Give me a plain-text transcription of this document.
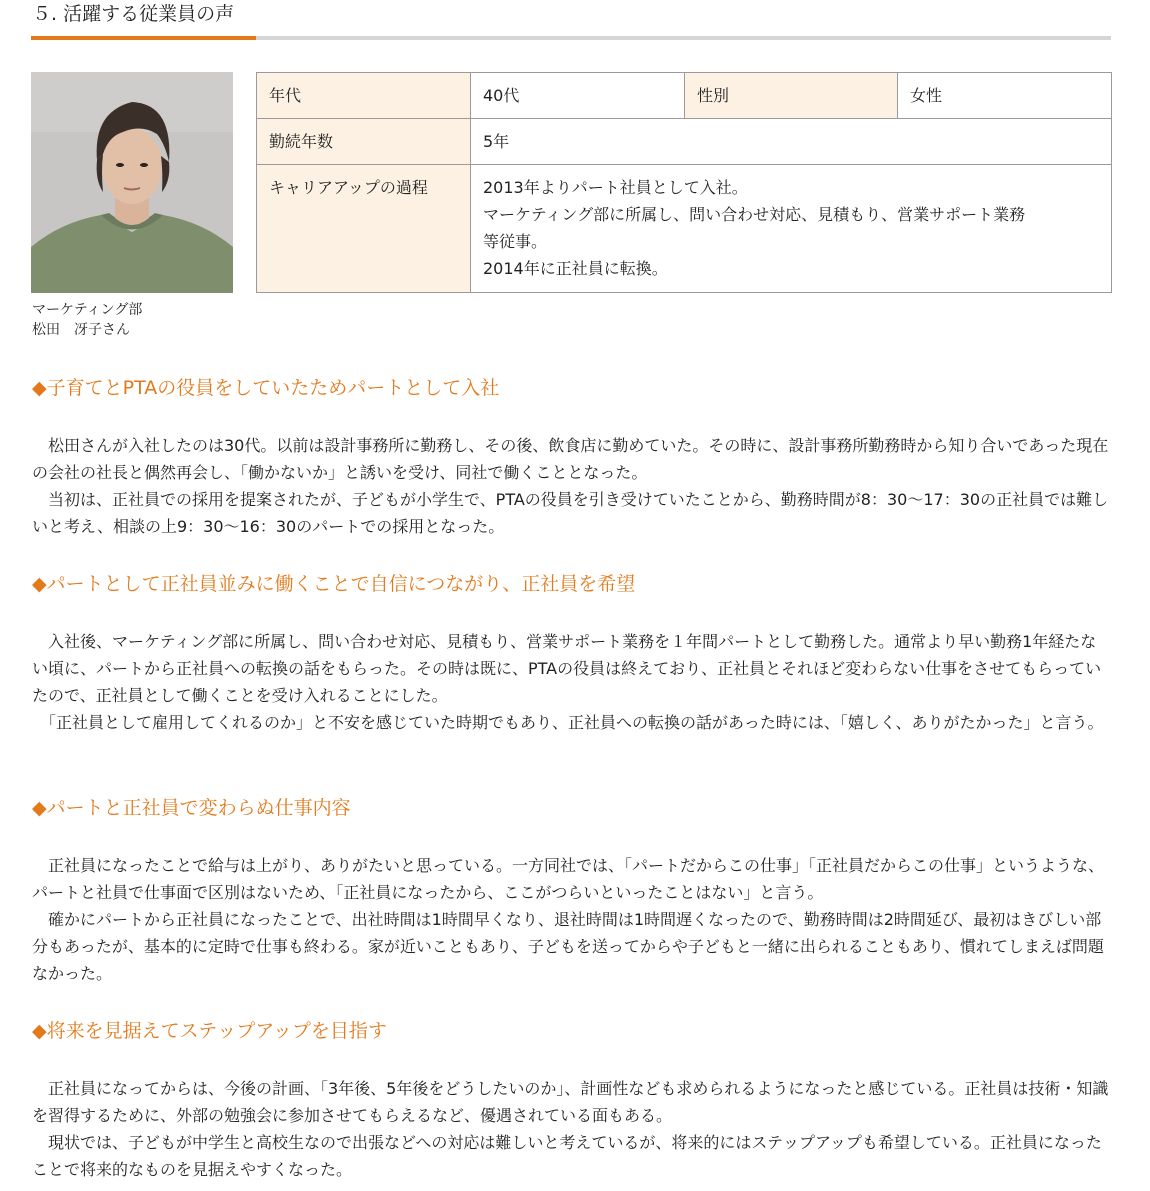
５. 活躍する従業員の声
マーケティング部
松田　冴子さん
年代	40代	性別	女性
勤続年数	5年		
キャリアアップの過程	2013年よりパート社員として入社。
マーケティング部に所属し、問い合わせ対応、見積もり、営業サポート業務
等従事。
2014年に正社員に転換。		
◆子育てとPTAの役員をしていたためパートとして入社

　松田さんが入社したのは30代。以前は設計事務所に勤務し、その後、飲食店に勤めていた。その時に、設計事務所勤務時から知り合いであった現在の会社の社長と偶然再会し、「働かないか」と誘いを受け、同社で働くこととなった。

　当初は、正社員での採用を提案されたが、子どもが小学生で、PTAの役員を引き受けていたことから、勤務時間が8：30〜17：30の正社員では難しいと考え、相談の上9：30〜16：30のパートでの採用となった。

◆パートとして正社員並みに働くことで自信につながり、正社員を希望

　入社後、マーケティング部に所属し、問い合わせ対応、見積もり、営業サポート業務を１年間パートとして勤務した。通常より早い勤務1年経たない頃に、パートから正社員への転換の話をもらった。その時は既に、PTAの役員は終えており、正社員とそれほど変わらない仕事をさせてもらっていたので、正社員として働くことを受け入れることにした。

　「正社員として雇用してくれるのか」と不安を感じていた時期でもあり、正社員への転換の話があった時には、「嬉しく、ありがたかった」と言う。

◆パートと正社員で変わらぬ仕事内容

　正社員になったことで給与は上がり、ありがたいと思っている。一方同社では、「パートだからこの仕事」「正社員だからこの仕事」というような、パートと社員で仕事面で区別はないため、「正社員になったから、ここがつらいといったことはない」と言う。

　確かにパートから正社員になったことで、出社時間は1時間早くなり、退社時間は1時間遅くなったので、勤務時間は2時間延び、最初はきびしい部分もあったが、基本的に定時で仕事も終わる。家が近いこともあり、子どもを送ってからや子どもと一緒に出られることもあり、慣れてしまえば問題なかった。

◆将来を見据えてステップアップを目指す

　正社員になってからは、今後の計画、「3年後、5年後をどうしたいのか」、計画性なども求められるようになったと感じている。正社員は技術・知識を習得するために、外部の勉強会に参加させてもらえるなど、優遇されている面もある。

　現状では、子どもが中学生と高校生なので出張などへの対応は難しいと考えているが、将来的にはステップアップも希望している。正社員になったことで将来的なものを見据えやすくなった。
